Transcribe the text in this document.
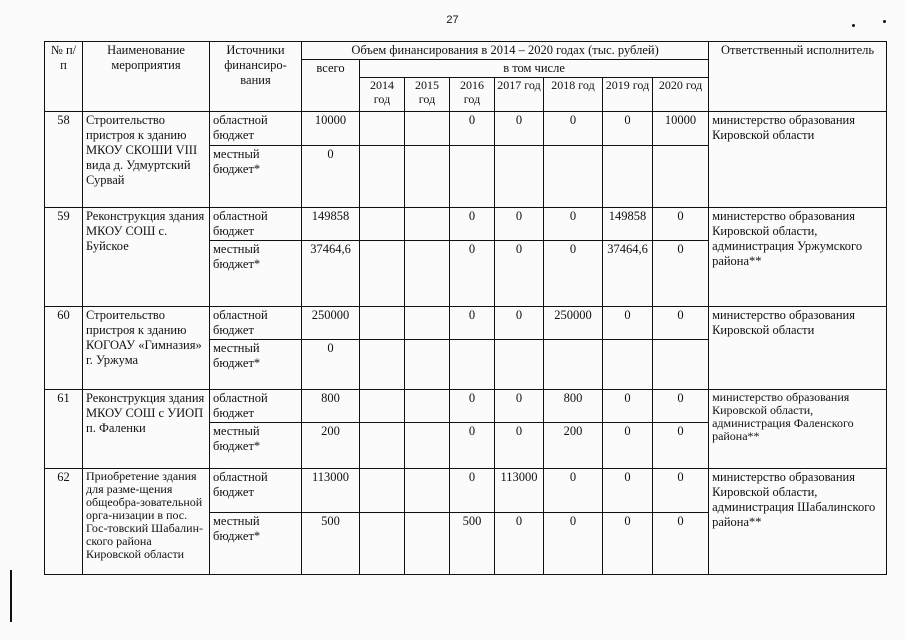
27
№ п/п	Наименование мероприятия	Источники финансиро-вания	Объем финансирования в 2014 – 2020 годах (тыс. рублей)								Ответственный исполнитель
			всего	в том числе							
				2014 год	2015 год	2016 год	2017 год	2018 год	2019 год	2020 год	
58	Строительство пристроя к зданию МКОУ СКОШИ VIII вида д. Удмуртский Сурвай	областной бюджет	10000			0	0	0	0	10000	министерство образования Кировской области
		местный бюджет*	0								
59	Реконструкция здания МКОУ СОШ с. Буйское	областной бюджет	149858			0	0	0	149858	0	министерство образования Кировской области, администрация Уржумского района**
		местный бюджет*	37464,6			0	0	0	37464,6	0	
60	Строительство пристроя к зданию КОГОАУ «Гимназия» г. Уржума	областной бюджет	250000			0	0	250000	0	0	министерство образования Кировской области
		местный бюджет*	0								
61	Реконструкция здания МКОУ СОШ с УИОП п. Фаленки	областной бюджет	800			0	0	800	0	0	министерство образования Кировской области, администрация Фаленского района**
		местный бюджет*	200			0	0	200	0	0	
62	Приобретение здания для разме-щения общеобра-зовательной орга-низации в пос. Гос-товский Шабалин-ского района Кировской области	областной бюджет	113000			0	113000	0	0	0	министерство образования Кировской области, администрация Шабалинского района**
		местный бюджет*	500			500	0	0	0	0	
